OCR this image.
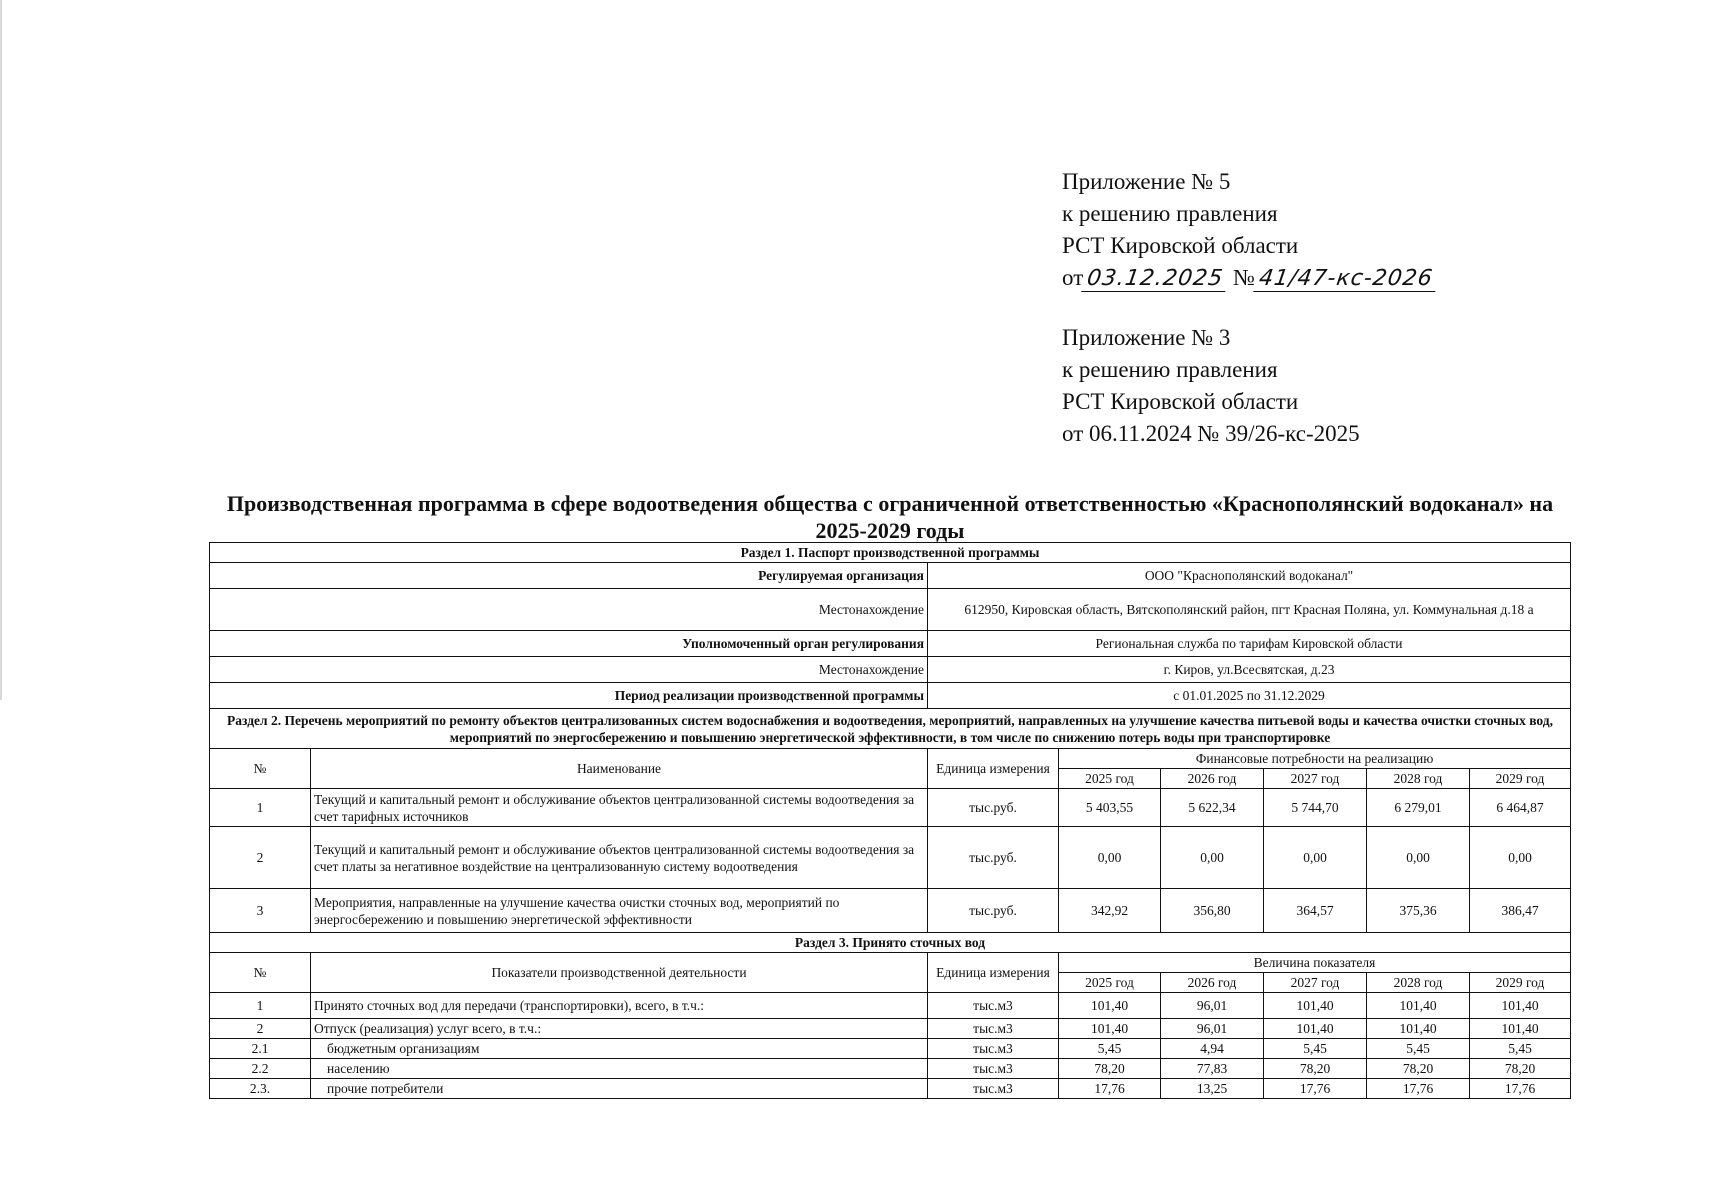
Приложение № 5
к решению правления
РСТ Кировской области
от 03.12.2025 № 41/47-кс-2026
Приложение № 3
к решению правления
РСТ Кировской области
от 06.11.2024 № 39/26-кс-2025
Производственная программа в сфере водоотведения общества с ограниченной ответственностью «Краснополянский водоканал» на 2025-2029 годы
Раздел 1. Паспорт производственной программы							
Регулируемая организация		ООО "Краснополянский водоканал"					
Местонахождение		612950, Кировская область, Вятскополянский район, пгт Красная Поляна, ул. Коммунальная д.18 а					
Уполномоченный орган регулирования		Региональная служба по тарифам Кировской области					
Местонахождение		г. Киров, ул.Всесвятская, д.23					
Период реализации производственной программы		с 01.01.2025 по 31.12.2029					
Раздел 2. Перечень мероприятий по ремонту объектов централизованных систем водоснабжения и водоотведения, мероприятий, направленных на улучшение качества питьевой воды и качества очистки сточных вод, мероприятий по энергосбережению и повышению энергетической эффективности, в том числе по снижению потерь воды при транспортировке							
№	Наименование	Единица измерения	Финансовые потребности на реализацию				
			2025 год	2026 год	2027 год	2028 год	2029 год
1	Текущий и капитальный ремонт и обслуживание объектов централизованной системы водоотведения за счет тарифных источников	тыс.руб.	5 403,55	5 622,34	5 744,70	6 279,01	6 464,87
2	Текущий и капитальный ремонт и обслуживание объектов централизованной системы водоотведения за счет платы за негативное воздействие на централизованную систему водоотведения	тыс.руб.	0,00	0,00	0,00	0,00	0,00
3	Мероприятия, направленные на улучшение качества очистки сточных вод, мероприятий по энергосбережению и повышению энергетической эффективности	тыс.руб.	342,92	356,80	364,57	375,36	386,47
Раздел 3. Принято сточных вод							
№	Показатели производственной деятельности	Единица измерения	Величина показателя				
			2025 год	2026 год	2027 год	2028 год	2029 год
1	Принято сточных вод для передачи (транспортировки), всего, в т.ч.:	тыс.м3	101,40	96,01	101,40	101,40	101,40
2	Отпуск (реализация) услуг всего, в т.ч.:	тыс.м3	101,40	96,01	101,40	101,40	101,40
2.1	бюджетным организациям	тыс.м3	5,45	4,94	5,45	5,45	5,45
2.2	населению	тыс.м3	78,20	77,83	78,20	78,20	78,20
2.3.	прочие потребители	тыс.м3	17,76	13,25	17,76	17,76	17,76
